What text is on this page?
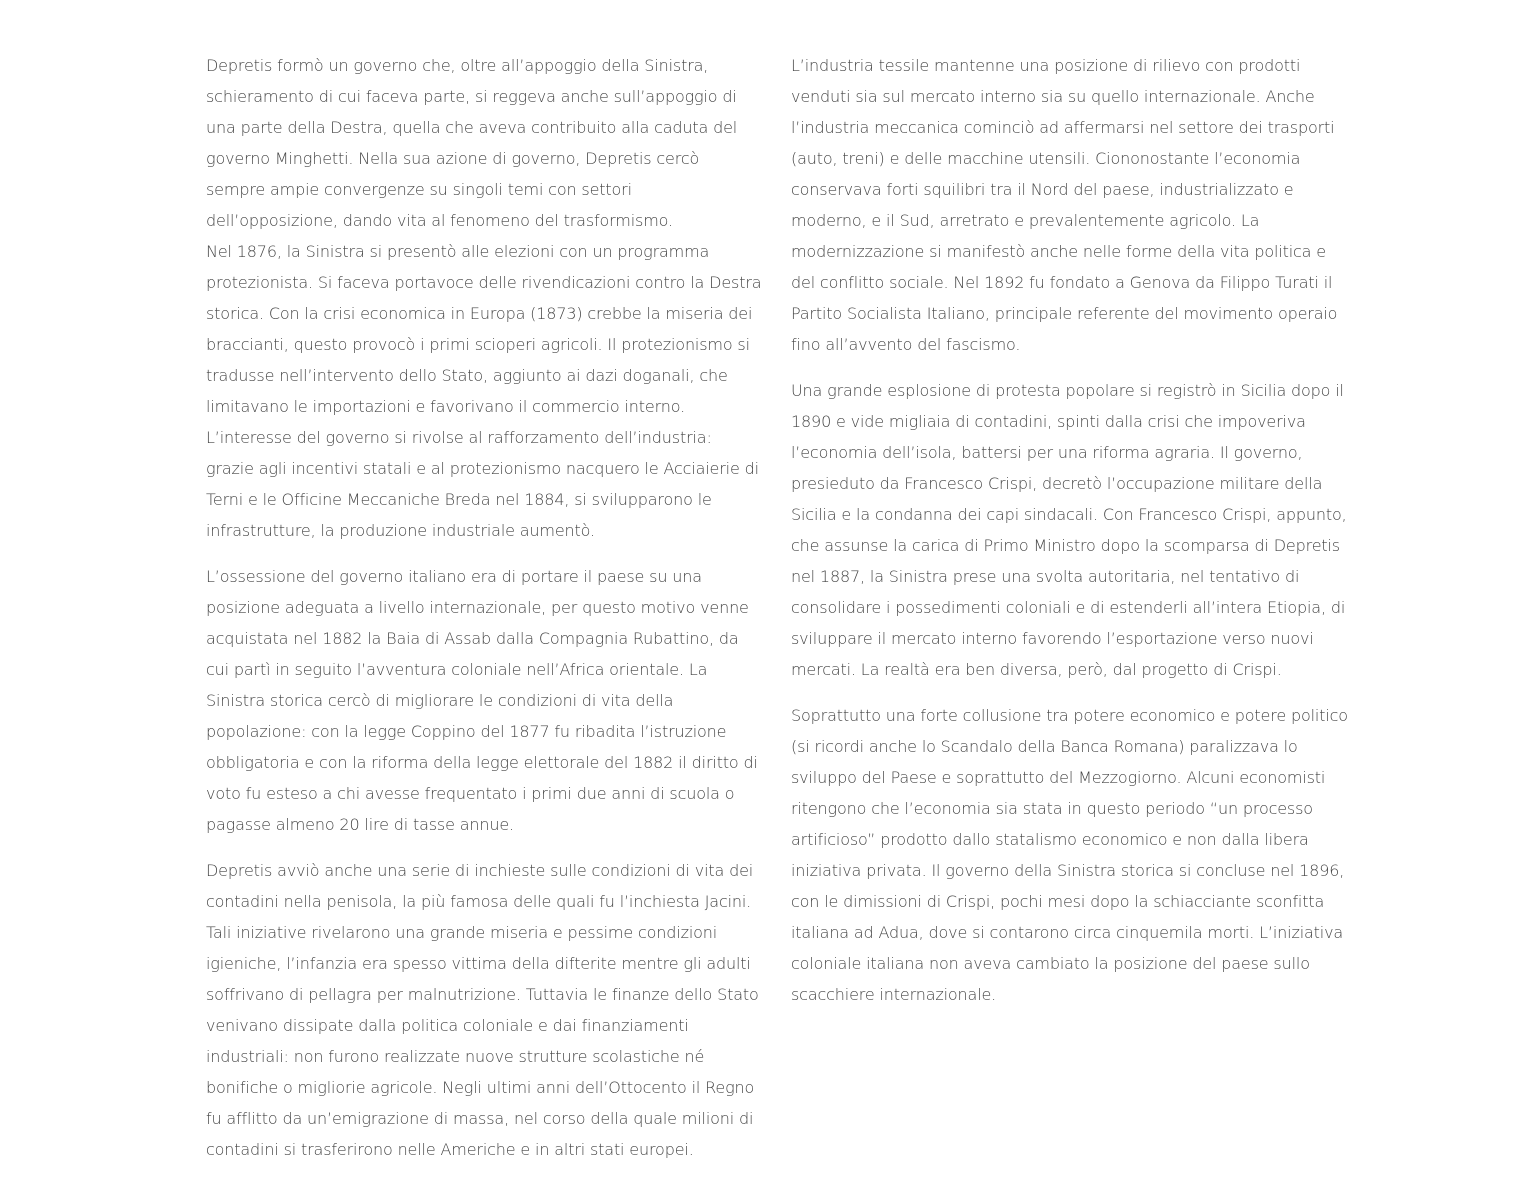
Depretis formò un governo che, oltre all’appoggio della Sinistra, schieramento di cui faceva parte, si reggeva anche sull’appoggio di una parte della Destra, quella che aveva contribuito alla caduta del governo Minghetti. Nella sua azione di governo, Depretis cercò sempre ampie convergenze su singoli temi con settori dell’opposizione, dando vita al fenomeno del trasformismo.

Nel 1876, la Sinistra si presentò alle elezioni con un programma protezionista. Si faceva portavoce delle rivendicazioni contro la Destra storica. Con la crisi economica in Europa (1873) crebbe la miseria dei braccianti, questo provocò i primi scioperi agricoli. Il protezionismo si tradusse nell’intervento dello Stato, aggiunto ai dazi doganali, che limitavano le importazioni e favorivano il commercio interno. L’interesse del governo si rivolse al rafforzamento dell’industria: grazie agli incentivi statali e al protezionismo nacquero le Acciaierie di Terni e le Officine Meccaniche Breda nel 1884, si svilupparono le infrastrutture, la produzione industriale aumentò.

L’ossessione del governo italiano era di portare il paese su una posizione adeguata a livello internazionale, per questo motivo venne acquistata nel 1882 la Baia di Assab dalla Compagnia Rubattino, da cui partì in seguito l’avventura coloniale nell’Africa orientale. La Sinistra storica cercò di migliorare le condizioni di vita della popolazione: con la legge Coppino del 1877 fu ribadita l’istruzione obbligatoria e con la riforma della legge elettorale del 1882 il diritto di voto fu esteso a chi avesse frequentato i primi due anni di scuola o pagasse almeno 20 lire di tasse annue.

Depretis avviò anche una serie di inchieste sulle condizioni di vita dei contadini nella penisola, la più famosa delle quali fu l’inchiesta Jacini. Tali iniziative rivelarono una grande miseria e pessime condizioni igieniche, l’infanzia era spesso vittima della difterite mentre gli adulti soffrivano di pellagra per malnutrizione. Tuttavia le finanze dello Stato venivano dissipate dalla politica coloniale e dai finanziamenti industriali: non furono realizzate nuove strutture scolastiche né bonifiche o migliorie agricole. Negli ultimi anni dell’Ottocento il Regno fu afflitto da un’emigrazione di massa, nel corso della quale milioni di contadini si trasferirono nelle Americhe e in altri stati europei.

L’industria tessile mantenne una posizione di rilievo con prodotti venduti sia sul mercato interno sia su quello internazionale. Anche l’industria meccanica cominciò ad affermarsi nel settore dei trasporti (auto, treni) e delle macchine utensili. Ciononostante l’economia conservava forti squilibri tra il Nord del paese, industrializzato e moderno, e il Sud, arretrato e prevalentemente agricolo. La modernizzazione si manifestò anche nelle forme della vita politica e del conflitto sociale. Nel 1892 fu fondato a Genova da Filippo Turati il Partito Socialista Italiano, principale referente del movimento operaio fino all’avvento del fascismo.

Una grande esplosione di protesta popolare si registrò in Sicilia dopo il 1890 e vide migliaia di contadini, spinti dalla crisi che impoveriva l’economia dell’isola, battersi per una riforma agraria. Il governo, presieduto da Francesco Crispi, decretò l’occupazione militare della Sicilia e la condanna dei capi sindacali. Con Francesco Crispi, appunto, che assunse la carica di Primo Ministro dopo la scomparsa di Depretis nel 1887, la Sinistra prese una svolta autoritaria, nel tentativo di consolidare i possedimenti coloniali e di estenderli all’intera Etiopia, di sviluppare il mercato interno favorendo l’esportazione verso nuovi mercati. La realtà era ben diversa, però, dal progetto di Crispi.

Soprattutto una forte collusione tra potere economico e potere politico (si ricordi anche lo Scandalo della Banca Romana) paralizzava lo sviluppo del Paese e soprattutto del Mezzogiorno. Alcuni economisti ritengono che l’economia sia stata in questo periodo “un processo artificioso” prodotto dallo statalismo economico e non dalla libera iniziativa privata. Il governo della Sinistra storica si concluse nel 1896, con le dimissioni di Crispi, pochi mesi dopo la schiacciante sconfitta italiana ad Adua, dove si contarono circa cinquemila morti. L’iniziativa coloniale italiana non aveva cambiato la posizione del paese sullo scacchiere internazionale.
